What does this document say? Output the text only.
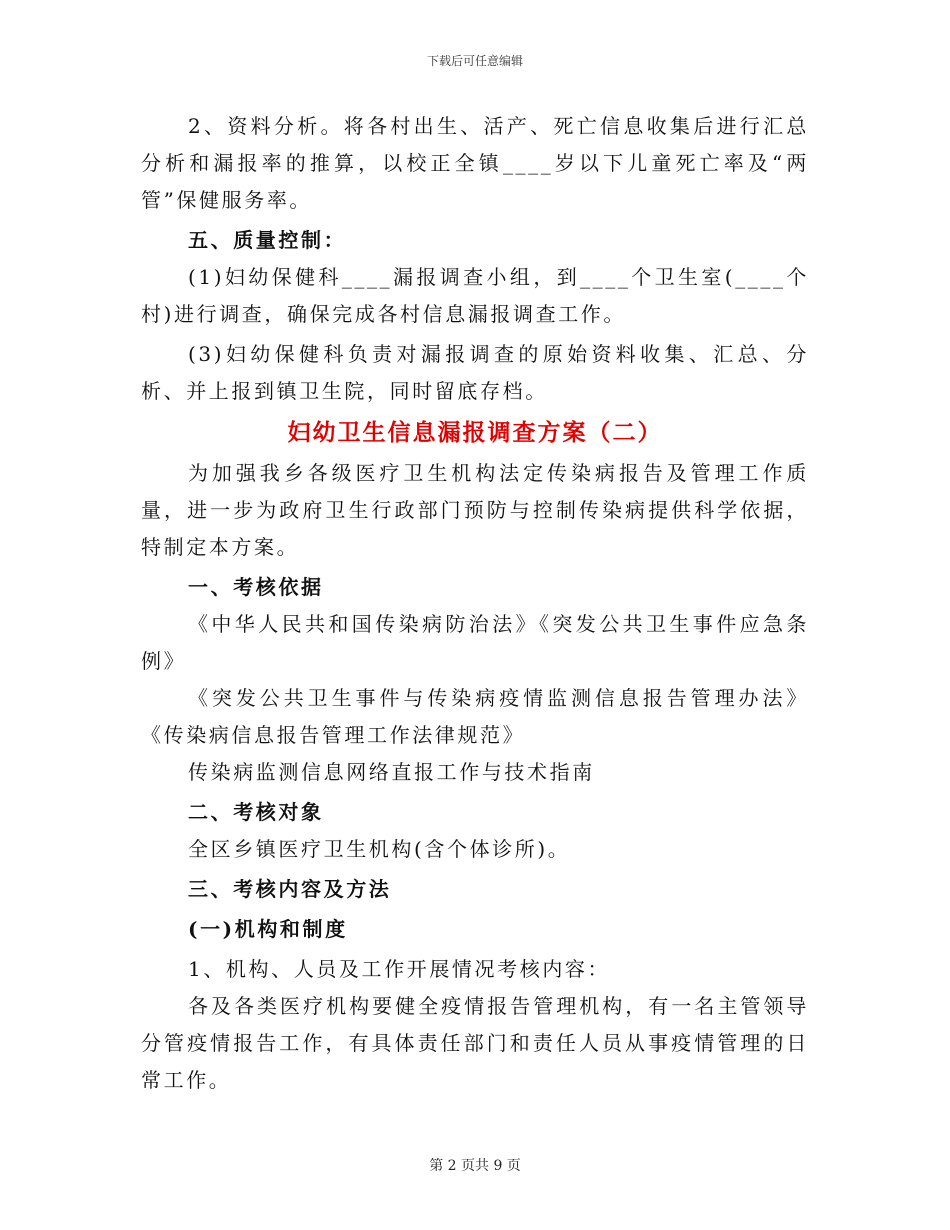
下载后可任意编辑

2、资料分析。将各村出生、活产、死亡信息收集后进行汇总分析和漏报率的推算，以校正全镇____岁以下儿童死亡率及“两管”保健服务率。

五、质量控制：

(1)妇幼保健科____漏报调查小组，到____个卫生室(____个村)进行调查，确保完成各村信息漏报调查工作。

(3)妇幼保健科负责对漏报调查的原始资料收集、汇总、分析、并上报到镇卫生院，同时留底存档。

妇幼卫生信息漏报调查方案（二）

为加强我乡各级医疗卫生机构法定传染病报告及管理工作质量，进一步为政府卫生行政部门预防与控制传染病提供科学依据，特制定本方案。

一、考核依据

《中华人民共和国传染病防治法》《突发公共卫生事件应急条例》

《突发公共卫生事件与传染病疫情监测信息报告管理办法》《传染病信息报告管理工作法律规范》

传染病监测信息网络直报工作与技术指南

二、考核对象

全区乡镇医疗卫生机构(含个体诊所)。

三、考核内容及方法

(一)机构和制度

1、机构、人员及工作开展情况考核内容：

各及各类医疗机构要健全疫情报告管理机构，有一名主管领导分管疫情报告工作，有具体责任部门和责任人员从事疫情管理的日常工作。

第 2 页共 9 页
